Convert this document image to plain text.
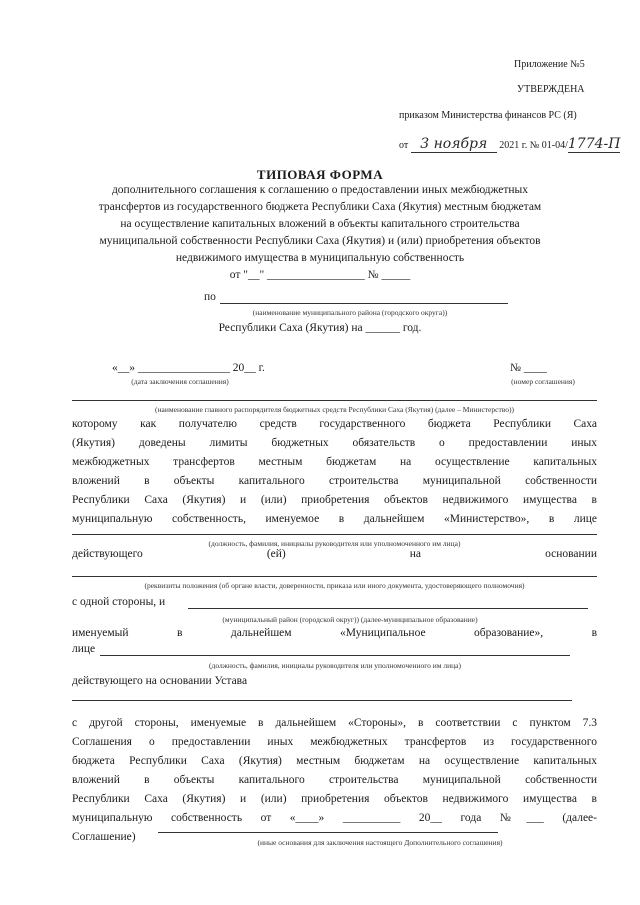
Приложение №5
УТВЕРЖДЕНА
приказом Министерства финансов РС (Я)
от 3 ноября 2021 г. № 01-04/1774-П
ТИПОВАЯ ФОРМА
дополнительного соглашения к соглашению о предоставлении иных межбюджетных
трансфертов из государственного бюджета Республики Саха (Якутия) местным бюджетам
на осуществление капитальных вложений в объекты капитального строительства
муниципальной собственности Республики Саха (Якутия) и (или) приобретения объектов
недвижимого имущества в муниципальную собственность
от "__" _________________ № _____
по
(наименование муниципального района (городского округа))
Республики Саха (Якутия) на ______ год.
«__» ________________ 20__ г.	№ ____
(дата заключения соглашения)	(номер соглашения)
(наименование главного распорядителя бюджетных средств Республики Саха (Якутия) (далее – Министерство))
которому как получателю средств государственного бюджета Республики Саха
(Якутия) доведены лимиты бюджетных обязательств о предоставлении иных
межбюджетных трансфертов местным бюджетам на осуществление капитальных
вложений в объекты капитального строительства муниципальной собственности
Республики Саха (Якутия) и (или) приобретения объектов недвижимого имущества в
муниципальную собственность, именуемое в дальнейшем «Министерство», в лице
(должность, фамилия, инициалы руководителя или уполномоченного им лица)
действующего	(ей)	на	основании
(реквизиты положения (об органе власти, доверенности, приказа или иного документа, удостоверяющего полномочия)
с одной стороны, и
(муниципальный район (городской округ)) (далее-муниципальное образование)
именуемый	в	дальнейшем	«Муниципальное	образование»,	в
лице
(должность, фамилия, инициалы руководителя или уполномоченного им лица)
действующего на основании Устава
с другой стороны, именуемые в дальнейшем «Стороны», в соответствии с пунктом 7.3
Соглашения о предоставлении иных межбюджетных трансфертов из государственного
бюджета Республики Саха (Якутия) местным бюджетам на осуществление капитальных
вложений в объекты капитального строительства муниципальной собственности
Республики Саха (Якутия) и (или) приобретения объектов недвижимого имущества в
муниципальную собственность от «____» __________ 20__ года №___ (далее-
Соглашение)	(иные основания для заключения настоящего Дополнительного соглашения)
